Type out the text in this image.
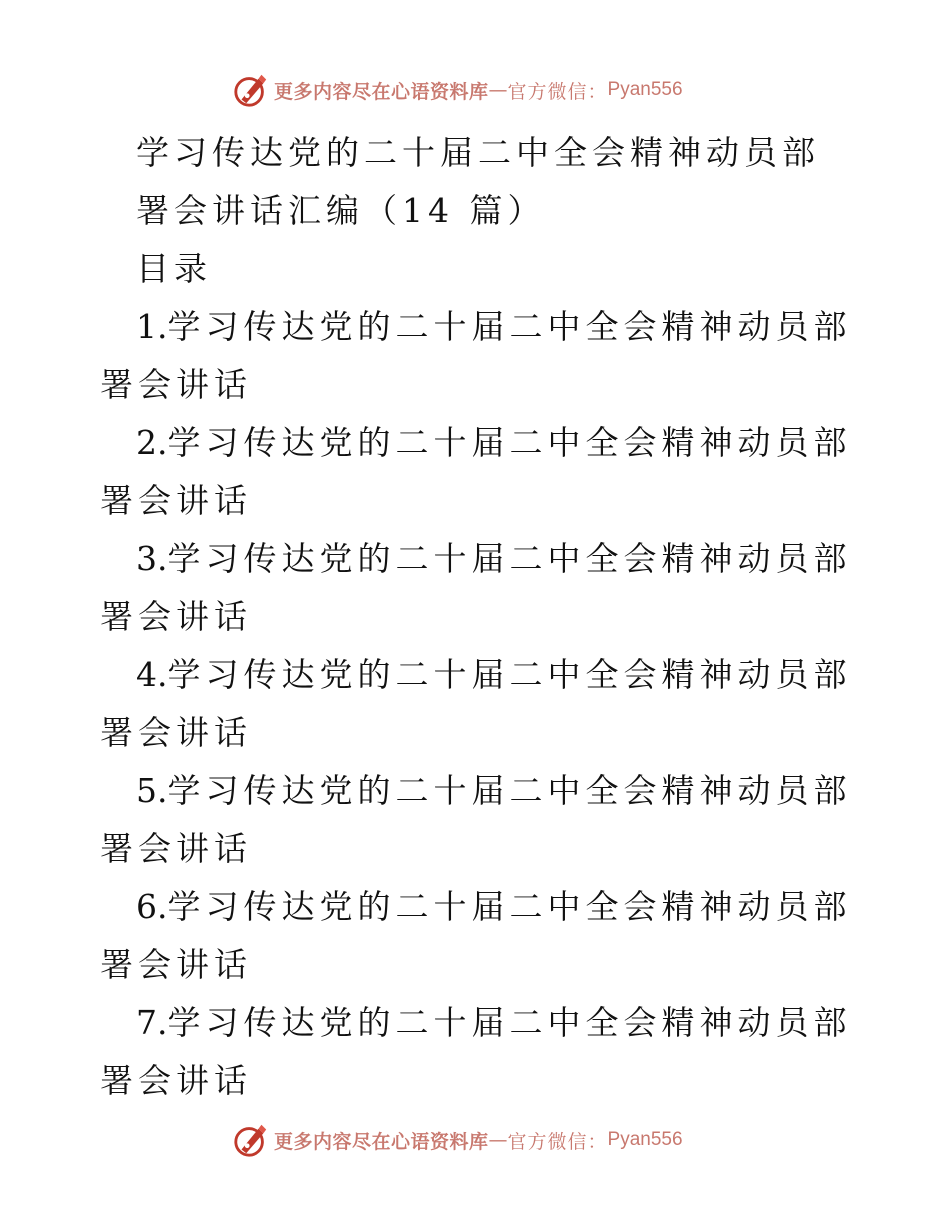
更多内容尽在心语资料库 — 官方微信： Pyan556
学习传达党的二十届二中全会精神动员部
署会讲话汇编（14 篇）
目录
1.学习传达党的二十届二中全会精神动员部署会讲话
2.学习传达党的二十届二中全会精神动员部署会讲话
3.学习传达党的二十届二中全会精神动员部署会讲话
4.学习传达党的二十届二中全会精神动员部署会讲话
5.学习传达党的二十届二中全会精神动员部署会讲话
6.学习传达党的二十届二中全会精神动员部署会讲话
7.学习传达党的二十届二中全会精神动员部署会讲话
更多内容尽在心语资料库 — 官方微信： Pyan556
